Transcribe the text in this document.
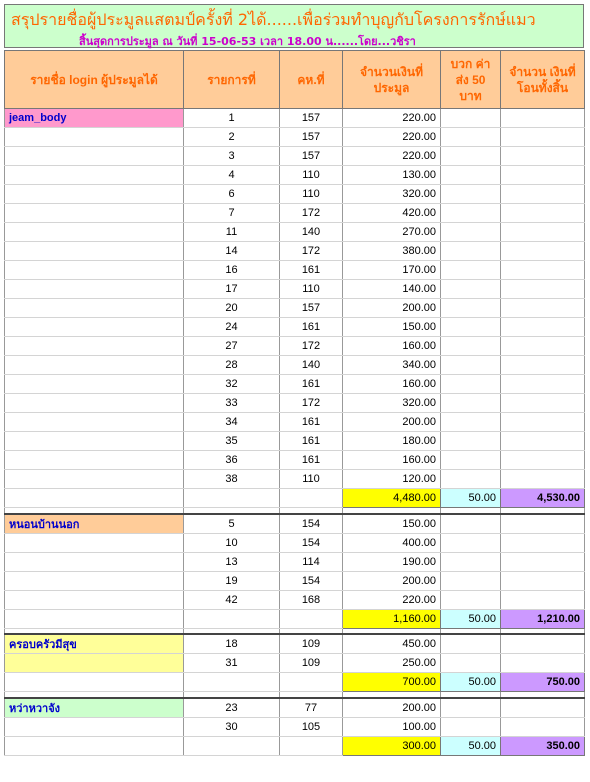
สรุปรายชื่อผู้ประมูลแสตมป์ครั้งที่ 2ได้......เพื่อร่วมทำบุญกับโครงการรักษ์แมว
สิ้นสุดการประมูล ณ วันที่ 15-06-53 เวลา 18.00 น......โดย...วชิรา
รายชื่อ login ผู้ประมูลได้	รายการที่	คห.ที่	จำนวนเงินที่ประมูล	บวก ค่าส่ง 50 บาท	จำนวน เงินที่โอนทั้งสิ้น
jeam_body	1	157	220.00		
	2	157	220.00		
	3	157	220.00		
	4	110	130.00		
	6	110	320.00		
	7	172	420.00		
	11	140	270.00		
	14	172	380.00		
	16	161	170.00		
	17	110	140.00		
	20	157	200.00		
	24	161	150.00		
	27	172	160.00		
	28	140	340.00		
	32	161	160.00		
	33	172	320.00		
	34	161	200.00		
	35	161	180.00		
	36	161	160.00		
	38	110	120.00		
			4,480.00	50.00	4,530.00

หนอนบ้านนอก	5	154	150.00		
	10	154	400.00		
	13	114	190.00		
	19	154	200.00		
	42	168	220.00		
			1,160.00	50.00	1,210.00

ครอบครัวมีสุข	18	109	450.00		
	31	109	250.00		
			700.00	50.00	750.00

หว่าหวาจัง	23	77	200.00		
	30	105	100.00		
			300.00	50.00	350.00
